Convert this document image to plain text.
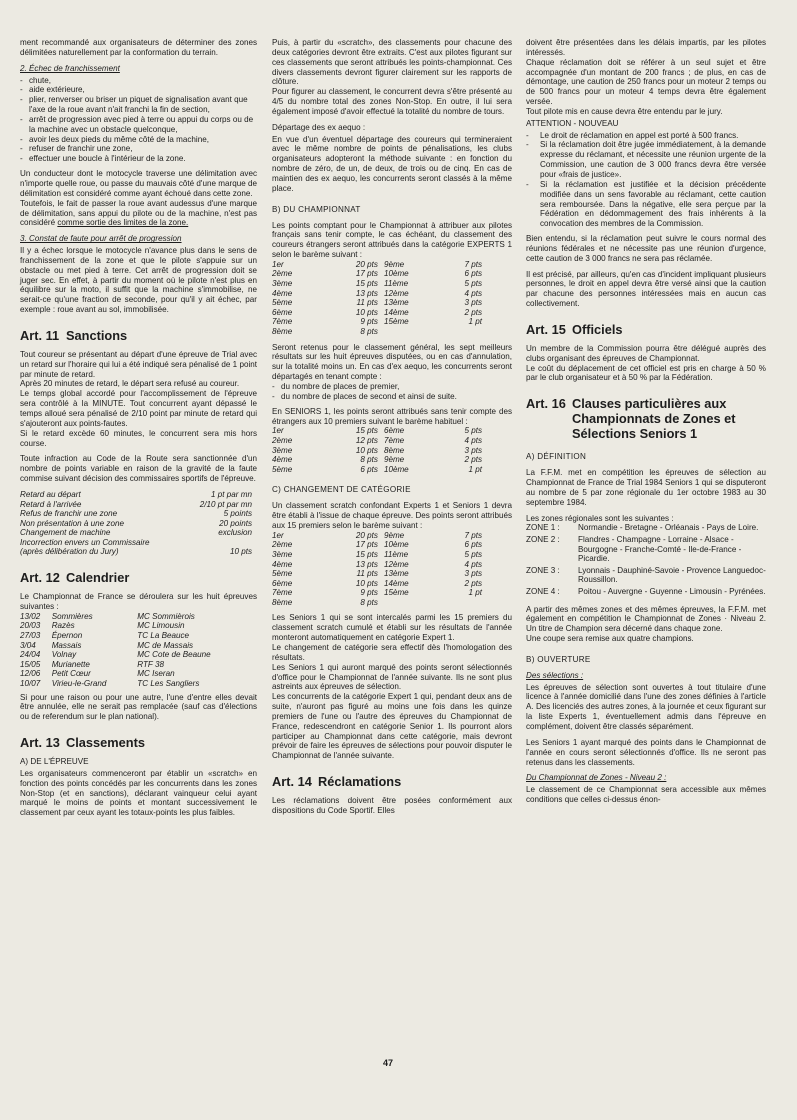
ment recommandé aux organisateurs de déterminer des zones délimitées naturellement par la conformation du terrain.

2. Échec de franchissement
- chute,
- aide extérieure,
- plier, renverser ou briser un piquet de signalisation avant que l'axe de la roue avant n'ait franchi la fin de section,
- arrêt de progression avec pied à terre ou appui du corps ou de la machine avec un obstacle quelconque,
- avoir les deux pieds du même côté de la machine,
- refuser de franchir une zone,
- effectuer une boucle à l'intérieur de la zone.

Un conducteur dont le motocycle traverse une délimitation avec n'importe quelle roue, ou passe du mauvais côté d'une marque de délimitation est considéré comme ayant échoué dans cette zone.

Toutefois, le fait de passer la roue avant audessus d'une marque de délimitation, sans appui du pilote ou de la machine, n'est pas considéré comme sortie des limites de la zone.

3. Constat de faute pour arrêt de progression

Il y a échec lorsque le motocycle n'avance plus dans le sens de franchissement de la zone et que le pilote s'appuie sur un obstacle ou met pied à terre. Cet arrêt de progression doit se juger sec. En effet, à partir du moment où le pilote n'est plus en équilibre sur la moto, il suffit que la machine s'immobilise, ne serait-ce qu'une fraction de seconde, pour qu'il y ait échec, par exemple : roue avant au sol, immobilisée.

Art. 11 Sanctions

Tout coureur se présentant au départ d'une épreuve de Trial avec un retard sur l'horaire qui lui a été indiqué sera pénalisé de 1 point par minute de retard.

Après 20 minutes de retard, le départ sera refusé au coureur.

Le temps global accordé pour l'accomplissement de l'épreuve sera contrôlé à la MINUTE. Tout concurrent ayant dépassé le temps alloué sera pénalisé de 2/10 point par minute de retard qui s'ajouteront aux points-fautes.

Si le retard excède 60 minutes, le concurrent sera mis hors course.

Toute infraction au Code de la Route sera sanctionnée d'un nombre de points variable en raison de la gravité de la faute commise suivant décision des commissaires sportifs de l'épreuve.

Retard au départ	1 pt par mn
Retard à l'arrivée	2/10 pt par mn
Refus de franchir une zone	5 points
Non présentation à une zone	20 points
Changement de machine	exclusion
Incorrection envers un Commissaire	
(après délibération du Jury)	10 pts
Art. 12 Calendrier

Le Championnat de France se déroulera sur les huit épreuves suivantes :

13/02	Sommières	MC Sommièrois
20/03	Razès	MC Limousin
27/03	Épernon	TC La Beauce
3/04	Massais	MC de Massais
24/04	Volnay	MC Cote de Beaune
15/05	Murianette	RTF 38
12/06	Petit Cœur	MC Iseran
10/07	Virieu-le-Grand	TC Les Sangliers

Si pour une raison ou pour une autre, l'une d'entre elles devait être annulée, elle ne serait pas remplacée (sauf cas d'élections ou de referendum sur le plan national).

Art. 13 Classements
A) DE L'ÉPREUVE

Les organisateurs commenceront par établir un «scratch» en fonction des points concédés par les concurrents dans les zones Non-Stop (et en sanctions), déclarant vainqueur celui ayant marqué le moins de points et montant successivement le classement par ceux ayant les totaux-points les plus faibles.

Puis, à partir du «scratch», des classements pour chacune des deux catégories devront être extraits. C'est aux pilotes figurant sur ces classements que seront attribués les points-championnat. Ces divers classements devront figurer clairement sur les rapports de clôture.

Pour figurer au classement, le concurrent devra s'être présenté au 4/5 du nombre total des zones Non-Stop. En outre, il lui sera également imposé d'avoir effectué la totalité du nombre de tours.

Départage des ex aequo :

En vue d'un éventuel départage des coureurs qui termineraient avec le même nombre de points de pénalisations, les clubs organisateurs adopteront la méthode suivante : en fonction du nombre de zéro, de un, de deux, de trois ou de cinq. En cas de maintien des ex aequo, les concurrents seront classés à la même place.

B) DU CHAMPIONNAT

Les points comptant pour le Championnat à attribuer aux pilotes français sans tenir compte, le cas échéant, du classement des coureurs étrangers seront attribués dans la catégorie EXPERTS 1 selon le barème suivant :

1er	20 pts	9ème	7 pts
2ème	17 pts	10ème	6 pts
3ème	15 pts	11ème	5 pts
4ème	13 pts	12ème	4 pts
5ème	11 pts	13ème	3 pts
6ème	10 pts	14ème	2 pts
7ème	9 pts	15ème	1 pt
8ème	8 pts		

Seront retenus pour le classement général, les sept meilleurs résultats sur les huit épreuves disputées, ou en cas d'annulation, sur la totalité moins un. En cas d'ex aequo, les concurrents seront départagés en tenant compte :

- du nombre de places de premier,
- du nombre de places de second et ainsi de suite.

En SENIORS 1, les points seront attribués sans tenir compte des étrangers aux 10 premiers suivant le barème habituel :

1er	15 pts	6ème	5 pts
2ème	12 pts	7ème	4 pts
3ème	10 pts	8ème	3 pts
4ème	8 pts	9ème	2 pts
5ème	6 pts	10ème	1 pt
C) CHANGEMENT DE CATÉGORIE

Un classement scratch confondant Experts 1 et Seniors 1 devra être établi à l'issue de chaque épreuve. Des points seront attribués aux 15 premiers selon le barème suivant :

1er	20 pts	9ème	7 pts
2ème	17 pts	10ème	6 pts
3ème	15 pts	11ème	5 pts
4ème	13 pts	12ème	4 pts
5ème	11 pts	13ème	3 pts
6ème	10 pts	14ème	2 pts
7ème	9 pts	15ème	1 pt
8ème	8 pts		

Les Seniors 1 qui se sont intercalés parmi les 15 premiers du classement scratch cumulé et établi sur les résultats de l'année monteront automatiquement en catégorie Expert 1.

Le changement de catégorie sera effectif dès l'homologation des résultats.

Les Seniors 1 qui auront marqué des points seront sélectionnés d'office pour le Championnat de l'année suivante. Ils ne sont plus astreints aux épreuves de sélection.

Les concurrents de la catégorie Expert 1 qui, pendant deux ans de suite, n'auront pas figuré au moins une fois dans les quinze premiers de l'une ou l'autre des épreuves du Championnat de France, redescendront en catégorie Senior 1. Ils pourront alors participer au Championnat dans cette catégorie, mais devront prévoir de faire les épreuves de sélections pour pouvoir disputer le Championnat de l'année suivante.

Art. 14 Réclamations

Les réclamations doivent être posées conformément aux dispositions du Code Sportif. Elles

doivent être présentées dans les délais impartis, par les pilotes intéressés.

Chaque réclamation doit se référer à un seul sujet et être accompagnée d'un montant de 200 francs ; de plus, en cas de démontage, une caution de 250 francs pour un moteur 2 temps ou de 500 francs pour un moteur 4 temps devra être également versée.

Tout pilote mis en cause devra être entendu par le jury.

ATTENTION - NOUVEAU
- Le droit de réclamation en appel est porté à 500 francs.
- Si la réclamation doit être jugée immédiatement, à la demande expresse du réclamant, et nécessite une réunion urgente de la Commission, une caution de 3 000 francs devra être versée pour «frais de justice».
- Si la réclamation est justifiée et la décision précédente modifiée dans un sens favorable au réclamant, cette caution sera remboursée. Dans la négative, elle sera perçue par la Fédération en dédommagement des frais inhérents à la convocation des membres de la Commission.

Bien entendu, si la réclamation peut suivre le cours normal des réunions fédérales et ne nécessite pas une réunion d'urgence, cette caution de 3 000 francs ne sera pas réclamée.

Il est précisé, par ailleurs, qu'en cas d'incident impliquant plusieurs personnes, le droit en appel devra être versé ainsi que la caution par chacune des personnes intéressées mais en aucun cas collectivement.

Art. 15 Officiels

Un membre de la Commission pourra être délégué auprès des clubs organisant des épreuves de Championnat.

Le coût du déplacement de cet officiel est pris en charge à 50 % par le club organisateur et à 50 % par la Fédération.

Art. 16 Clauses particulières aux Championnats de Zones et Sélections Seniors 1
A) DÉFINITION

La F.F.M. met en compétition les épreuves de sélection au Championnat de France de Trial 1984 Seniors 1 qui se disputeront au nombre de 5 par zone régionale du 1er octobre 1983 au 30 septembre 1984.

Les zones régionales sont les suivantes :

ZONE 1 :	Normandie - Bretagne - Orléanais - Pays de Loire.
ZONE 2 :	Flandres - Champagne - Lorraine - Alsace - Bourgogne - Franche-Comté - Ile-de-France - Picardie.
ZONE 3 :	Lyonnais - Dauphiné-Savoie - Provence Languedoc-Roussillon.
ZONE 4 :	Poitou - Auvergne - Guyenne - Limousin - Pyrénées.

A partir des mêmes zones et des mêmes épreuves, la F.F.M. met également en compétition le Championnat de Zones · Niveau 2. Un titre de Champion sera décerné dans chaque zone.

Une coupe sera remise aux quatre champions.

B) OUVERTURE
Des sélections :

Les épreuves de sélection sont ouvertes à tout titulaire d'une licence à l'année domicilié dans l'une des zones définies à l'article A. Des licenciés des autres zones, à la journée et ceux figurant sur la liste Experts 1, éventuellement admis dans l'épreuve en complément, doivent être classés séparément.

Les Seniors 1 ayant marqué des points dans le Championnat de l'année en cours seront sélectionnés d'office. Ils ne seront pas retenus dans les classements.

Du Championnat de Zones - Niveau 2 :

Le classement de ce Championnat sera accessible aux mêmes conditions que celles ci-dessus énon-

47
